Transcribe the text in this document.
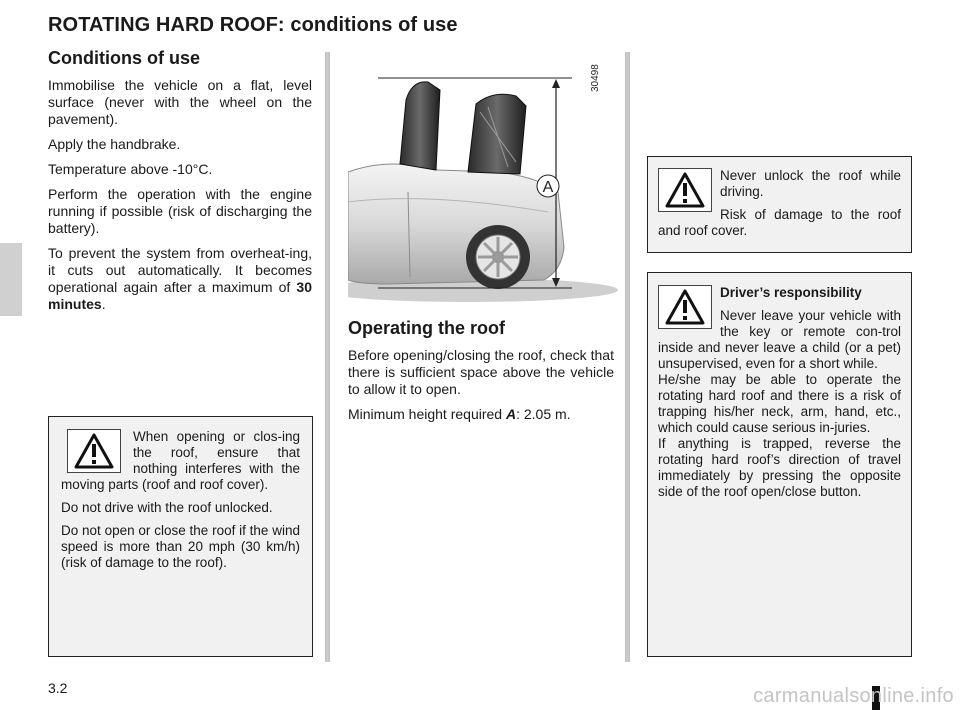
ROTATING HARD ROOF: conditions of use
Conditions of use

Immobilise the vehicle on a flat, level surface (never with the wheel on the pavement).

Apply the handbrake.

Temperature above -10°C.

Perform the operation with the engine running if possible (risk of discharging the battery).

To prevent the system from overheat-ing, it cuts out automatically. It becomes operational again after a maximum of 30 minutes.

A
30498
Operating the roof

Before opening/closing the roof, check that there is sufficient space above the vehicle to allow it to open.

Minimum height required A: 2.05 m.

When opening or clos-ing the roof, ensure that nothing interferes with the moving parts (roof and roof cover).

Do not drive with the roof unlocked.

Do not open or close the roof if the wind speed is more than 20 mph (30 km/h) (risk of damage to the roof).

Never unlock the roof while driving.

Risk of damage to the roof and roof cover.

Driver’s responsibility

Never leave your vehicle with the key or remote con-trol inside and never leave a child (or a pet) unsupervised, even for a short while.

He/she may be able to operate the rotating hard roof and there is a risk of trapping his/her neck, arm, hand, etc., which could cause serious in-juries.

If anything is trapped, reverse the rotating hard roof’s direction of travel immediately by pressing the opposite side of the roof open/close button.

3.2	carmanualsonline.info
